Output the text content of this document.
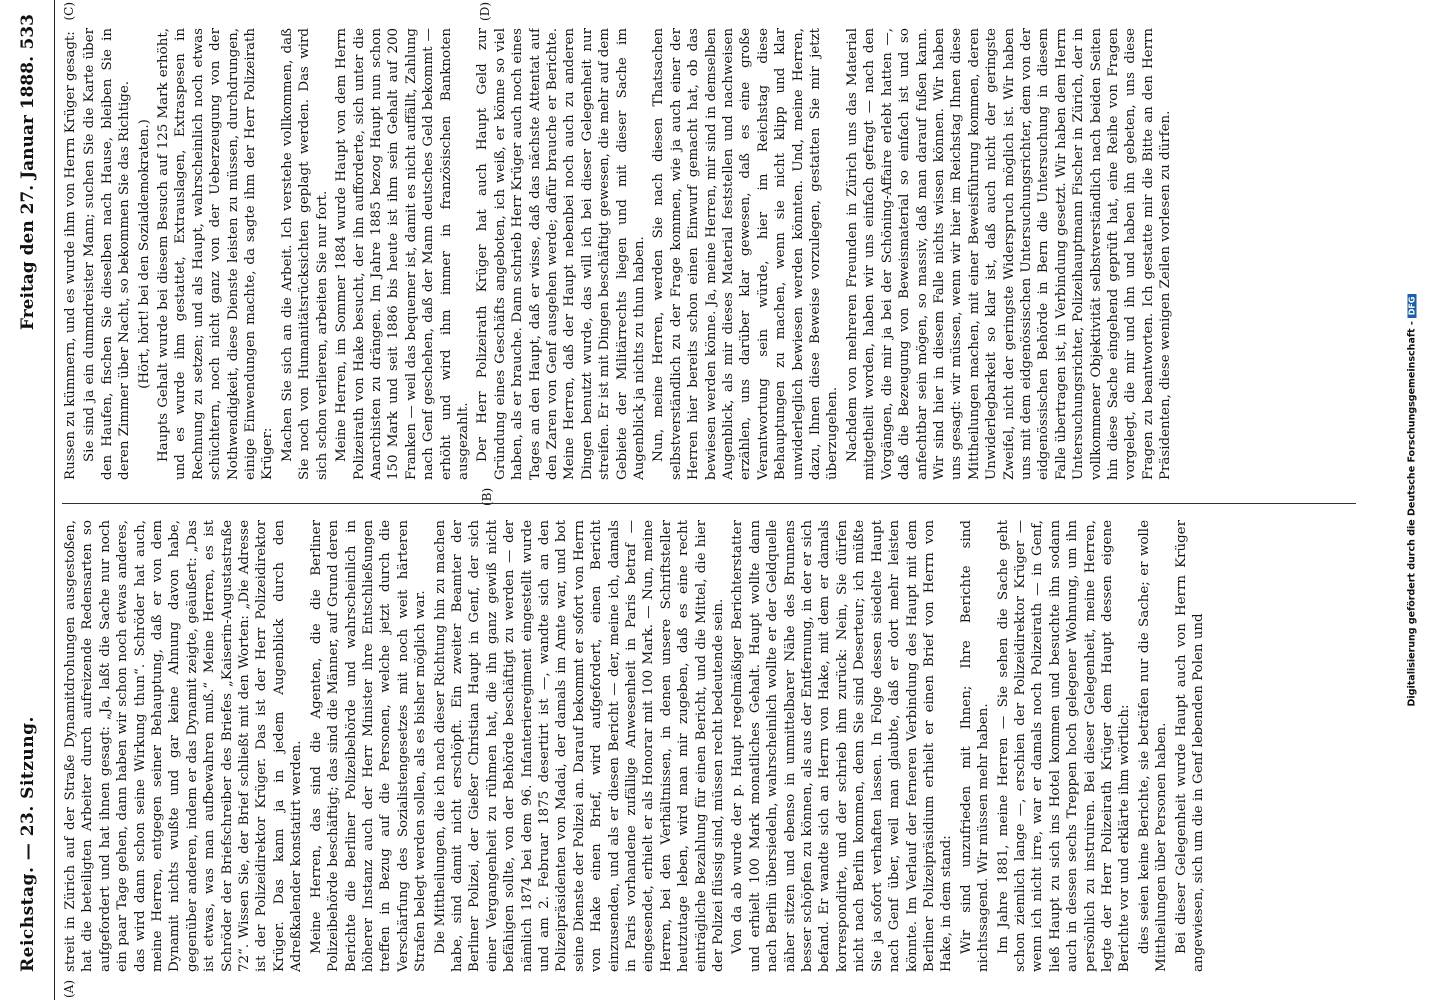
Reichstag. — 23. Sitzung.
Freitag den 27. Januar 1888.
533
(A)
(B)
(C)	(D)

streit in Zürich auf der Straße Dynamitdrohungen ausgestoßen, hat die beteiligten Arbeiter durch aufreizende Redensarten so aufgefordert und hat ihnen gesagt: „Ja, laßt die Sache nur noch ein paar Tage gehen, dann haben wir schon noch etwas anderes, das wird dann schon seine Wirkung thun“. Schröder hat auch, meine Herren, entgegen seiner Behauptung, daß er von dem Dynamit nichts wußte und gar keine Ahnung davon habe, gegenüber anderen, indem er das Dynamit zeigte, geäußert: „Das ist etwas, was man aufbewahren muß.“ Meine Herren, es ist Schröder der Briefschreiber des Briefes „Kaiserin-Augustastraße 72“. Wissen Sie, der Brief schließt mit den Worten: „Die Adresse ist der Polizeidirektor Krüger. Das ist der Herr Polizeidirektor Krüger. Das kann ja in jedem Augenblick durch den Adreßkalender konstatirt werden. Meine Herren, das sind die Agenten, die die Berliner Polizeibehörde beschäftigt; das sind die Männer, auf Grund deren Berichte die Berliner Polizeibehörde und wahrscheinlich in höherer Instanz auch der Herr Minister ihre Entschließungen treffen in Bezug auf die Personen, welche jetzt durch die Verschärfung des Sozialistengesetzes mit noch weit härteren Strafen belegt werden sollen, als es bisher möglich war. Die Mittheilungen, die ich nach dieser Richtung hin zu machen habe, sind damit nicht erschöpft. Ein zweiter Beamter der Berliner Polizei, der Gießer Christian Haupt in Genf, der sich einer Vergangenheit zu rühmen hat, die ihn ganz gewiß nicht befähigen sollte, von der Behörde beschäftigt zu werden — der nämlich 1874 bei dem 96. Infanterieregiment eingestellt wurde und am 2. Februar 1875 desertirt ist —, wandte sich an den Polizeipräsidenten von Madai, der damals im Amte war, und bot seine Dienste der Polizei an. Darauf bekommt er sofort von Herrn von Hake einen Brief, wird aufgefordert, einen Bericht einzusenden, und als er diesen Bericht — der, meine ich, damals in Paris vorhandene zufällige Anwesenheit in Paris betraf — eingesendet, erhielt er als Honorar mit 100 Mark. — Nun, meine Herren, bei den Verhältnissen, in denen unsere Schriftsteller heutzutage leben, wird man mir zugeben, daß es eine recht einträgliche Bezahlung für einen Bericht, und die Mittel, die hier der Polizei flüssig sind, müssen recht bedeutende sein. Von da ab wurde der p. Haupt regelmäßiger Berichterstatter und erhielt 100 Mark monatliches Gehalt. Haupt wollte dann nach Berlin übersiedeln, wahrscheinlich wollte er der Geldquelle näher sitzen und ebenso in unmittelbarer Nähe des Brunnens besser schöpfen zu können, als aus der Entfernung, in der er sich befand. Er wandte sich an Herrn von Hake, mit dem er damals korrespondirte, und der schrieb ihm zurück: Nein, Sie dürfen nicht nach Berlin kommen, denn Sie sind Deserteur; ich müßte Sie ja sofort verhaften lassen. In Folge dessen siedelte Haupt nach Genf über, weil man glaubte, daß er dort mehr leisten könnte. Im Verlauf der ferneren Verbindung des Haupt mit dem Berliner Polizeipräsidium erhielt er einen Brief von Herrn von Hake, in dem stand: Wir sind unzufrieden mit Ihnen; Ihre Berichte sind nichtssagend. Wir müssen mehr haben. Im Jahre 1881, meine Herren — Sie sehen die Sache geht schon ziemlich lange —, erschien der Polizeidirektor Krüger — wenn ich nicht irre, war er damals noch Polizeirath — in Genf, ließ Haupt zu sich ins Hotel kommen und besuchte ihn sodann auch in dessen sechs Treppen hoch gelegener Wohnung, um ihn persönlich zu instruiren. Bei dieser Gelegenheit, meine Herren, legte der Herr Polizeirath Krüger dem Haupt dessen eigene Berichte vor und erklärte ihm wörtlich: dies seien keine Berichte, sie beträfen nur die Sache; er wolle Mittheilungen über Personen haben. Bei dieser Gelegenheit wurde Haupt auch von Herrn Krüger angewiesen, sich um die in Genf lebenden Polen und

Russen zu kümmern, und es wurde ihm von Herrn Krüger gesagt: Sie sind ja ein dummdreister Mann; suchen Sie die Karte über den Haufen, fischen Sie dieselben nach Hause, bleiben Sie in deren Zimmer über Nacht, so bekommen Sie das Richtige. (Hört, hört! bei den Sozialdemokraten.) Haupts Gehalt wurde bei diesem Besuch auf 125 Mark erhöht, und es wurde ihm gestattet, Extrauslagen, Extraspesen in Rechnung zu setzen; und als Haupt, wahrscheinlich noch etwas schüchtern, noch nicht ganz von der Ueberzeugung von der Nothwendigkeit, diese Dienste leisten zu müssen, durchdrungen, einige Einwendungen machte, da sagte ihm der Herr Polizeirath Krüger: Machen Sie sich an die Arbeit. Ich verstehe vollkommen, daß Sie noch von Humanitätsrücksichten geplagt werden. Das wird sich schon verlieren, arbeiten Sie nur fort. Meine Herren, im Sommer 1884 wurde Haupt von dem Herrn Polizeirath von Hake besucht, der ihn aufforderte, sich unter die Anarchisten zu drängen. Im Jahre 1885 bezog Haupt nun schon 150 Mark und seit 1886 bis heute ist ihm sein Gehalt auf 200 Franken — weil das bequemer ist, damit es nicht auffällt, Zahlung nach Genf geschehen, daß der Mann deutsches Geld bekommt — erhöht und wird ihm immer in französischen Banknoten ausgezahlt. Der Herr Polizeirath Krüger hat auch Haupt Geld zur Gründung eines Geschäfts angeboten, ich weiß, er könne so viel haben, als er brauche. Dann schrieb Herr Krüger auch noch eines Tages an den Haupt, daß er wisse, daß das nächste Attentat auf den Zaren von Genf ausgehen werde; dafür brauche er Berichte. Meine Herren, daß der Haupt nebenbei noch auch zu anderen Dingen benutzt wurde, das will ich bei dieser Gelegenheit nur streifen. Er ist mit Dingen beschäftigt gewesen, die mehr auf dem Gebiete der Militärrechts liegen und mit dieser Sache im Augenblick ja nichts zu thun haben. Nun, meine Herren, werden Sie nach diesen Thatsachen selbstverständlich zu der Frage kommen, wie ja auch einer der Herren hier bereits schon einen Einwurf gemacht hat, ob das bewiesen werden könne. Ja, meine Herren, mir sind in demselben Augenblick, als mir dieses Material feststellen und nachweisen erzählen, uns darüber klar gewesen, daß es eine große Verantwortung sein würde, hier im Reichstag diese Behauptungen zu machen, wenn sie nicht klipp und klar unwiderleglich bewiesen werden könnten. Und, meine Herren, dazu, Ihnen diese Beweise vorzulegen, gestatten Sie mir jetzt überzugehen. Nachdem von mehreren Freunden in Zürich uns das Material mitgetheilt worden, haben wir uns einfach gefragt — nach den Vorgängen, die mir ja bei der Schöning-Affaire erlebt hatten —, daß die Bezeugung von Beweismaterial so einfach ist und so anfechtbar sein mögen, so massiv, daß man darauf fußen kann. Wir sind hier in diesem Falle nichts wissen können. Wir haben uns gesagt: wir müssen, wenn wir hier im Reichstag Ihnen diese Mittheilungen machen, mit einer Beweisführung kommen, deren Unwiderlegbarkeit so klar ist, daß auch nicht der geringste Zweifel, nicht der geringste Widerspruch möglich ist. Wir haben uns mit dem eidgenössischen Untersuchungsrichter, dem von der eidgenössischen Behörde in Bern die Untersuchung in diesem Falle übertragen ist, in Verbindung gesetzt. Wir haben dem Herrn Untersuchungsrichter, Polizeihauptmann Fischer in Zürich, der in vollkommener Objektivität selbstverständlich nach beiden Seiten hin diese Sache eingehend geprüft hat, eine Reihe von Fragen vorgelegt, die mir und ihn und haben ihn gebeten, uns diese Fragen zu beantworten. Ich gestatte mir die Bitte an den Herrn Präsidenten, diese wenigen Zeilen vorlesen zu dürfen.

Digitalisierung gefördert durch die Deutsche Forschungsgemeinschaft -DFG
